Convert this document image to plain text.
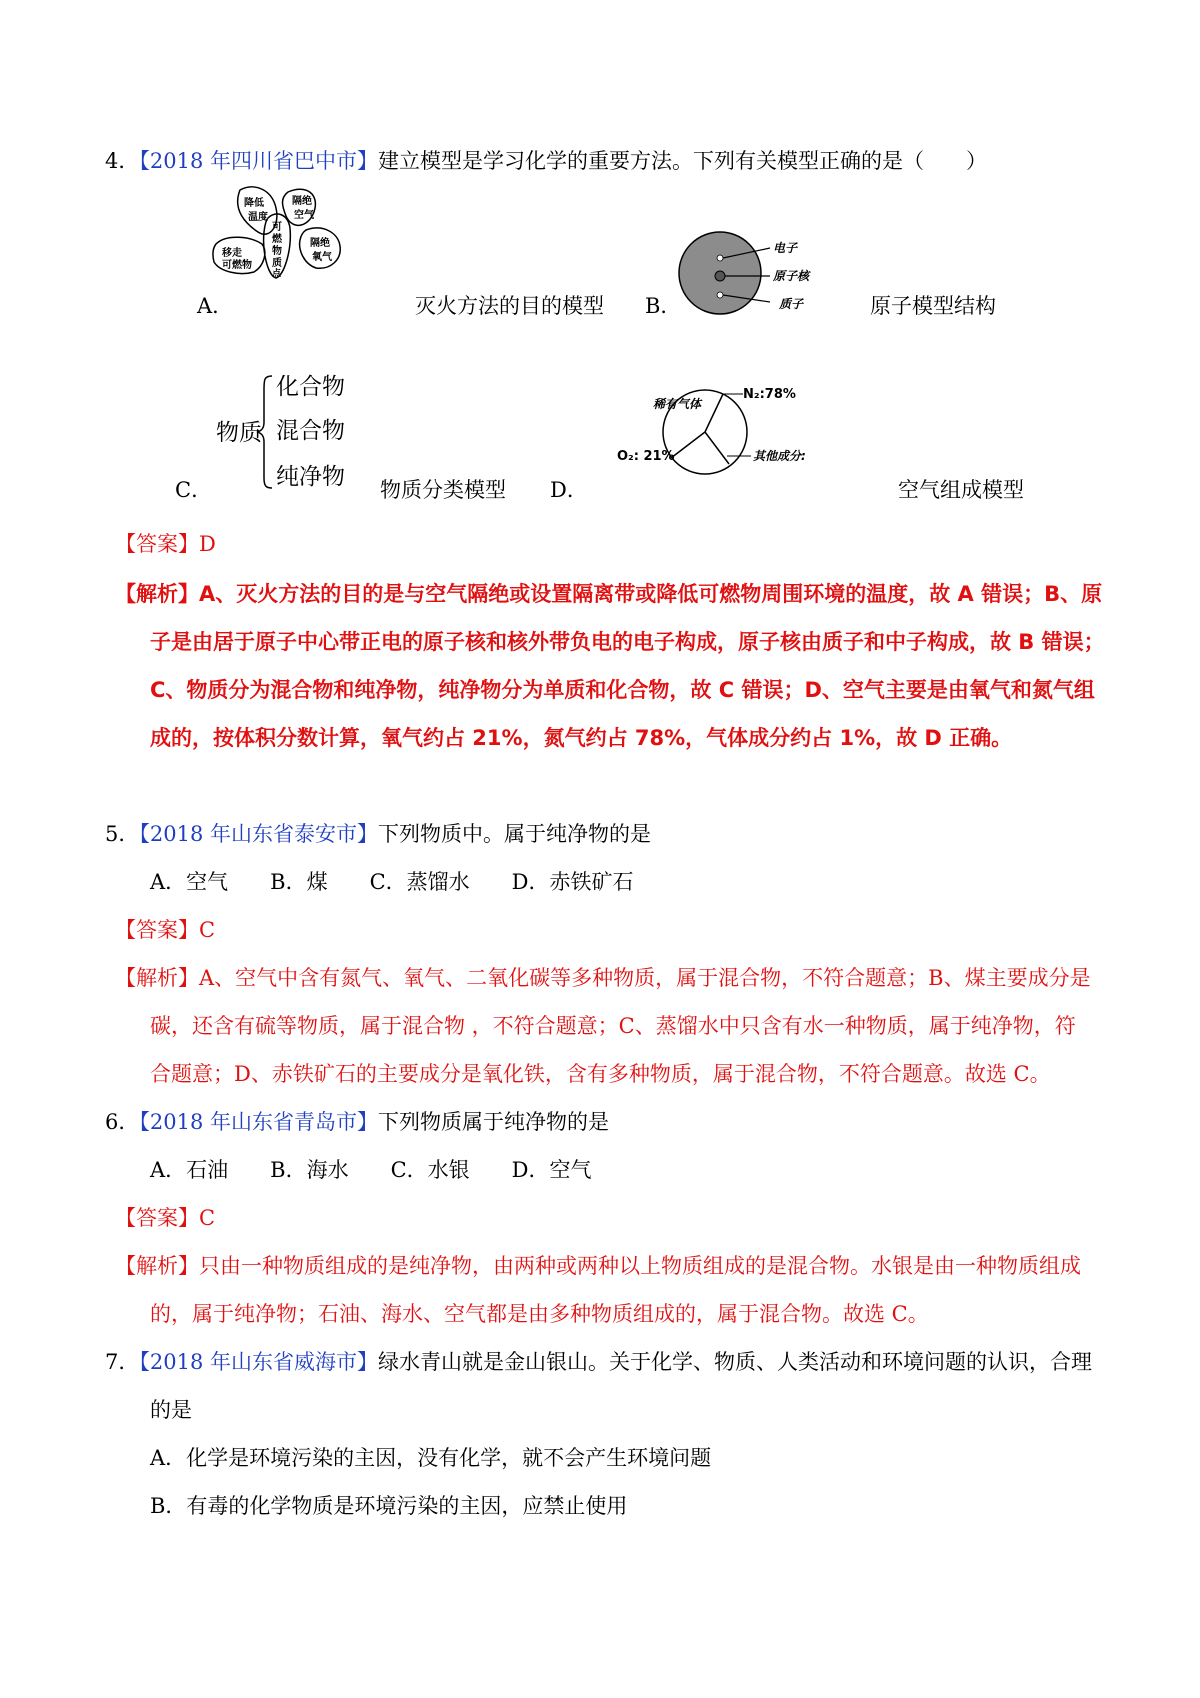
4．【2018 年四川省巴中市】建立模型是学习化学的重要方法。下列有关模型正确的是（　　）
降低
温度
隔绝
空气
可
燃
物
质
点
移走
可燃物
隔绝
氧气
A．	灭火方法的目的模型
电子
原子核
质子
B．	原子模型结构
物质
化合物
混合物
纯净物
C．	物质分类模型
稀有气体
N₂:78%
O₂: 21%	其他成分:
D．	空气组成模型
【答案】D
【解析】A、灭火方法的目的是与空气隔绝或设置隔离带或降低可燃物周围环境的温度，故 A 错误；B、原
子是由居于原子中心带正电的原子核和核外带负电的电子构成，原子核由质子和中子构成，故 B 错误；
C、物质分为混合物和纯净物，纯净物分为单质和化合物，故 C 错误；D、空气主要是由氧气和氮气组
成的，按体积分数计算，氧气约占 21%，氮气约占 78%，气体成分约占 1%，故 D 正确。
5．【2018 年山东省泰安市】下列物质中。属于纯净物的是
A．空气　　B．煤　　C．蒸馏水　　D．赤铁矿石
【答案】C
【解析】A、空气中含有氮气、氧气、二氧化碳等多种物质，属于混合物，不符合题意；B、煤主要成分是
碳，还含有硫等物质，属于混合物 ，不符合题意；C、蒸馏水中只含有水一种物质，属于纯净物，符
合题意；D、赤铁矿石的主要成分是氧化铁，含有多种物质，属于混合物，不符合题意。故选 C。
6．【2018 年山东省青岛市】下列物质属于纯净物的是
A．石油　　B．海水　　C．水银　　D．空气
【答案】C
【解析】只由一种物质组成的是纯净物，由两种或两种以上物质组成的是混合物。水银是由一种物质组成
的，属于纯净物；石油、海水、空气都是由多种物质组成的，属于混合物。故选 C。
7．【2018 年山东省威海市】绿水青山就是金山银山。关于化学、物质、人类活动和环境问题的认识，合理
的是
A．化学是环境污染的主因，没有化学，就不会产生环境问题
B．有毒的化学物质是环境污染的主因，应禁止使用
